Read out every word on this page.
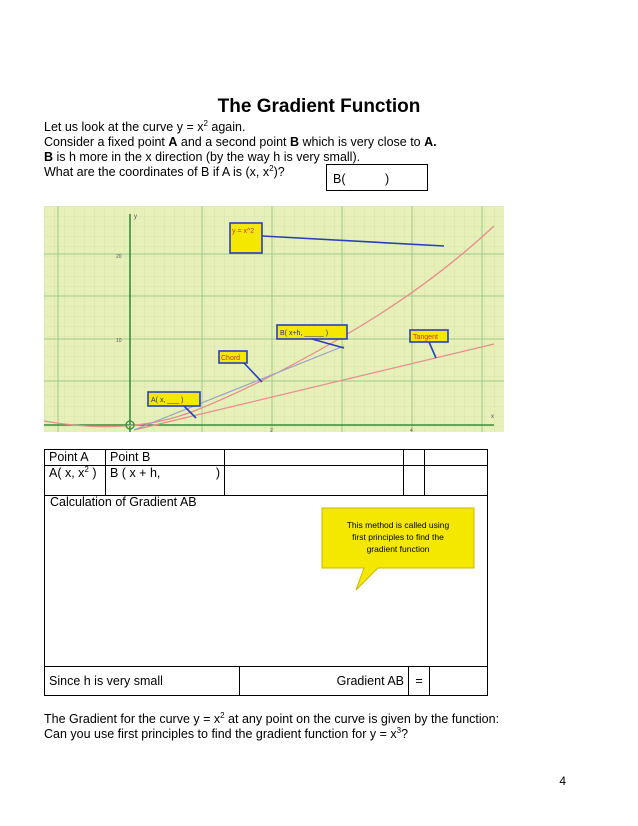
The Gradient Function
Let us look at the curve $y = x^2$ again.
Consider a fixed point A and a second point B which is very close to A.
B is h more in the x direction (by the way h is very small).
What are the coordinates of B if A is (x, $x^2$)?	B(	)
x
y
20
10
2	4
y = x^2
B( x+h, _____ )
Tangent
Chord
A( x, ___ )
Point A	Point B			
A( x, $x^2$ )	B ( x + h, )			

Calculation of Gradient AB
This method is called using
first principles to find the
gradient function
Since h is very small	Gradient AB	=	
The Gradient for the curve $y = x^2$ at any point on the curve is given by the function:
Can you use first principles to find the gradient function for $y = x^3$?
4
